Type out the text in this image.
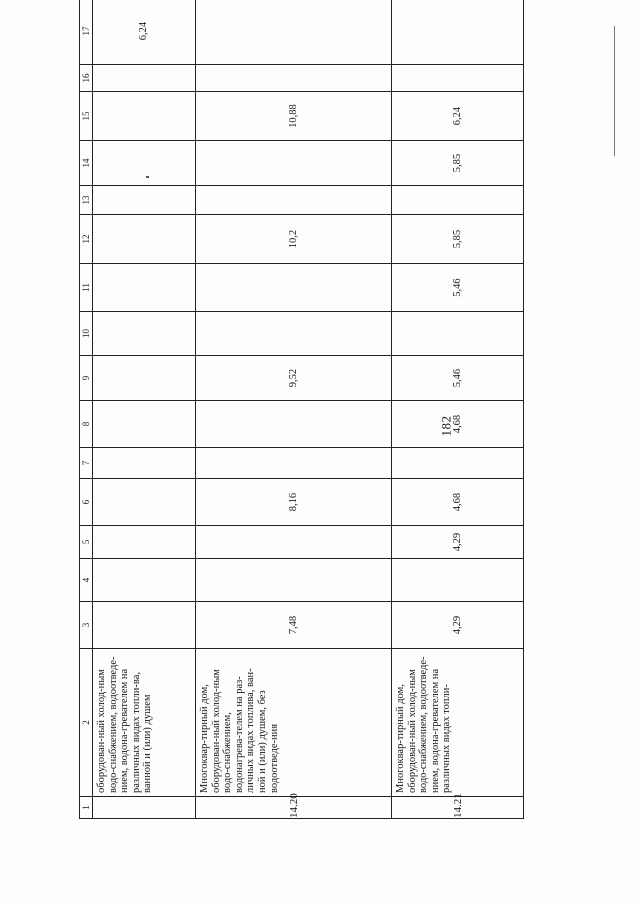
182
1	2	3	4	5	6	7	8	9	10	11	12	13	14	15	16	17
	оборудован-ный холод-ным водо-снабжением, водоотведе-нием, водона-гревателем на различных видах топли-ва, ванной и (или) душем															6,24
14.20	Многоквар-тирный дом, оборудован-ный холод-ным водо-снабжением, водонагрева-телем на раз-личных видах топлива, ван-ной и (или) душем, без водоотведе-ния	7,48			8,16			9,52			10,2			10,88		
14.21	Многоквар-тирный дом, оборудован-ный холод-ным водо-снабжением, водоотведе-нием, водона-гревателем на различных видах топли-	4,29		4,29	4,68		4,68	5,46		5,46	5,85		5,85	6,24		
